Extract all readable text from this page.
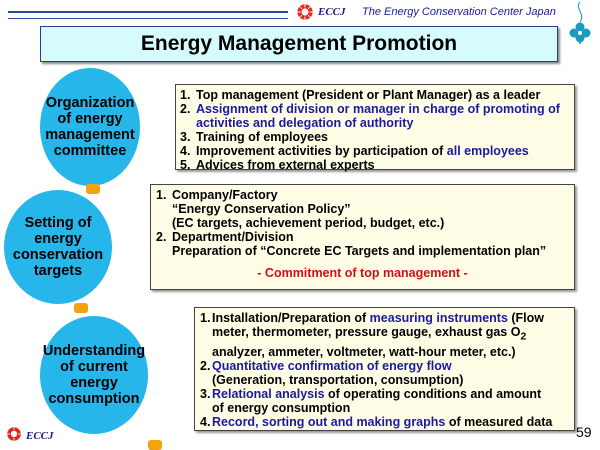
ECCJ The Energy Conservation Center Japan
Energy Management Promotion
Organization of energy management committee
Setting of energy conservation targets
Understanding of current energy consumption
1. Top management (President or Plant Manager) as a leader
2. Assignment of division or manager in charge of promoting of activities and delegation of authority
3. Training of employees
4. Improvement activities by participation of all employees
5. Advices from external experts
1. Company/Factory
“Energy Conservation Policy”
(EC targets, achievement period, budget, etc.)
2. Department/Division
Preparation of “Concrete EC Targets and implementation plan”
- Commitment of top management -
1. Installation/Preparation of measuring instruments (Flow
meter, thermometer, pressure gauge, exhaust gas $O_2$
analyzer, ammeter, voltmeter, watt-hour meter, etc.)
2. Quantitative confirmation of energy flow
(Generation, transportation, consumption)
3. Relational analysis of operating conditions and amount
of energy consumption
4. Record, sorting out and making graphs of measured data
ECCJ	59
